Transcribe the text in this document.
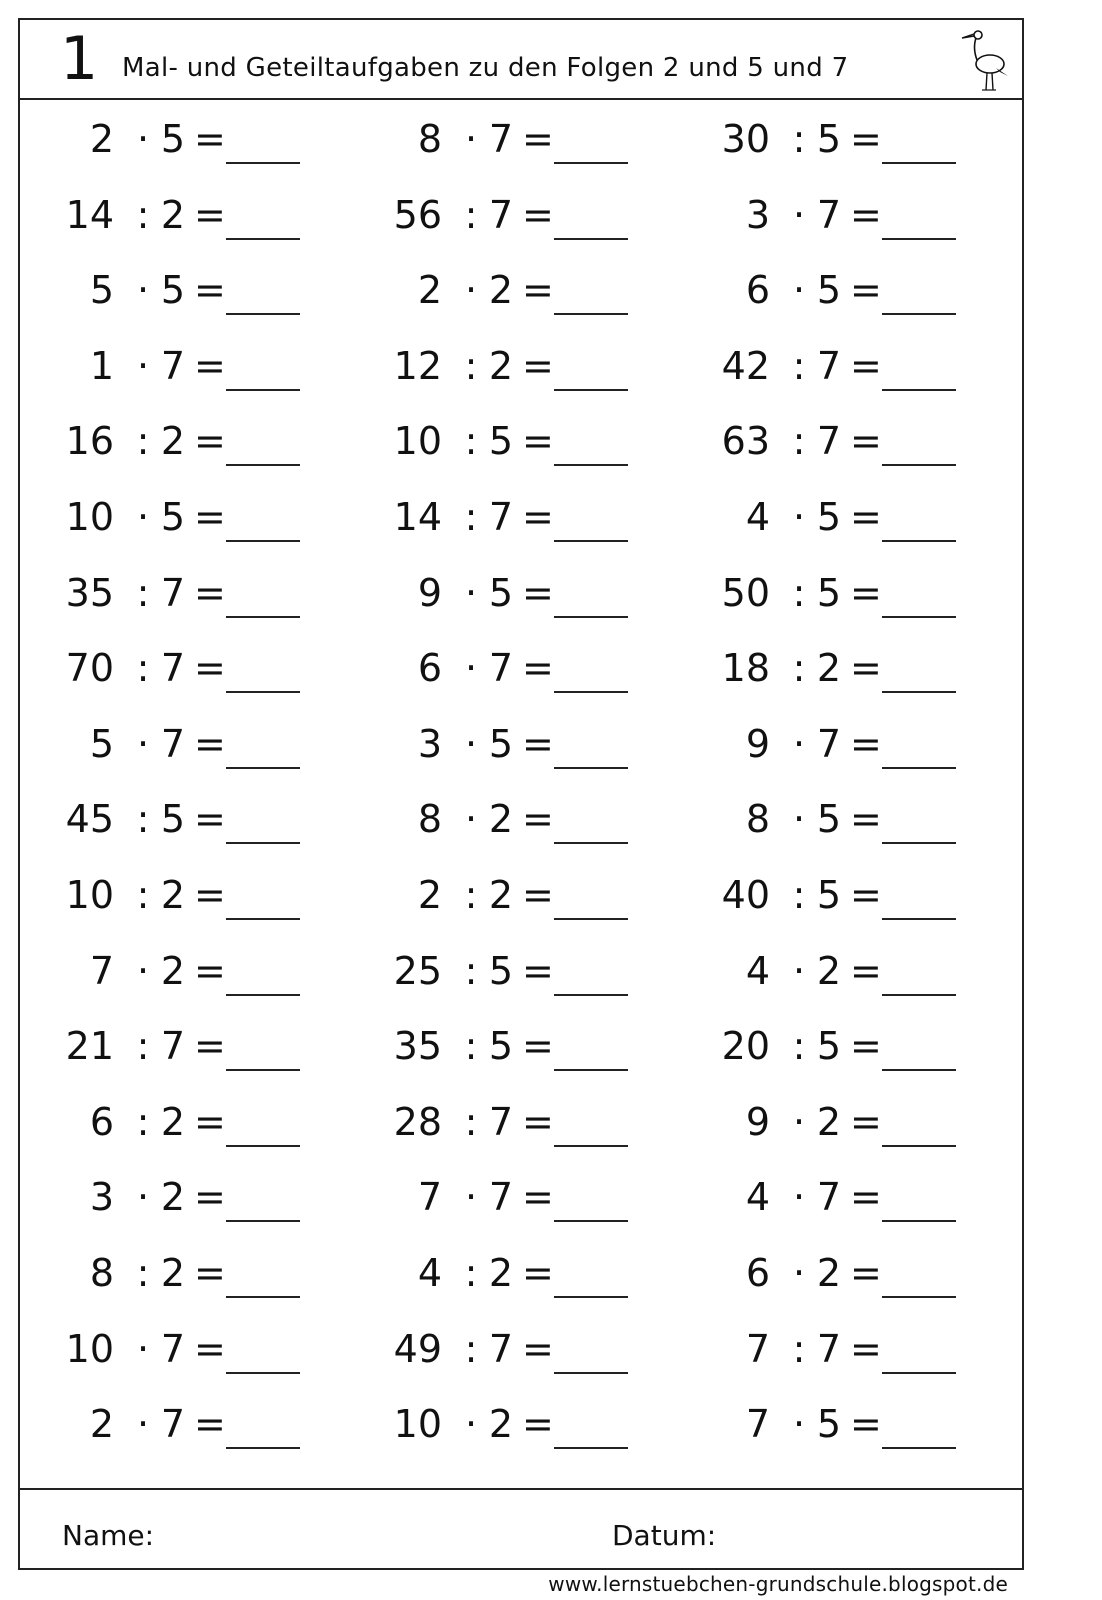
1 Mal- und Geteiltaufgaben zu den Folgen 2 und 5 und 7
2 · 5 =	8 · 7 =	30 : 5 =
14 : 2 =	56 : 7 =	3 · 7 =
5 · 5 =	2 · 2 =	6 · 5 =
1 · 7 =	12 : 2 =	42 : 7 =
16 : 2 =	10 : 5 =	63 : 7 =
10 · 5 =	14 : 7 =	4 · 5 =
35 : 7 =	9 · 5 =	50 : 5 =
70 : 7 =	6 · 7 =	18 : 2 =
5 · 7 =	3 · 5 =	9 · 7 =
45 : 5 =	8 · 2 =	8 · 5 =
10 : 2 =	2 : 2 =	40 : 5 =
7 · 2 =	25 : 5 =	4 · 2 =
21 : 7 =	35 : 5 =	20 : 5 =
6 : 2 =	28 : 7 =	9 · 2 =
3 · 2 =	7 · 7 =	4 · 7 =
8 : 2 =	4 : 2 =	6 · 2 =
10 · 7 =	49 : 7 =	7 : 7 =
2 · 7 =	10 · 2 =	7 · 5 =
Name:	Datum:
www.lernstuebchen-grundschule.blogspot.de
